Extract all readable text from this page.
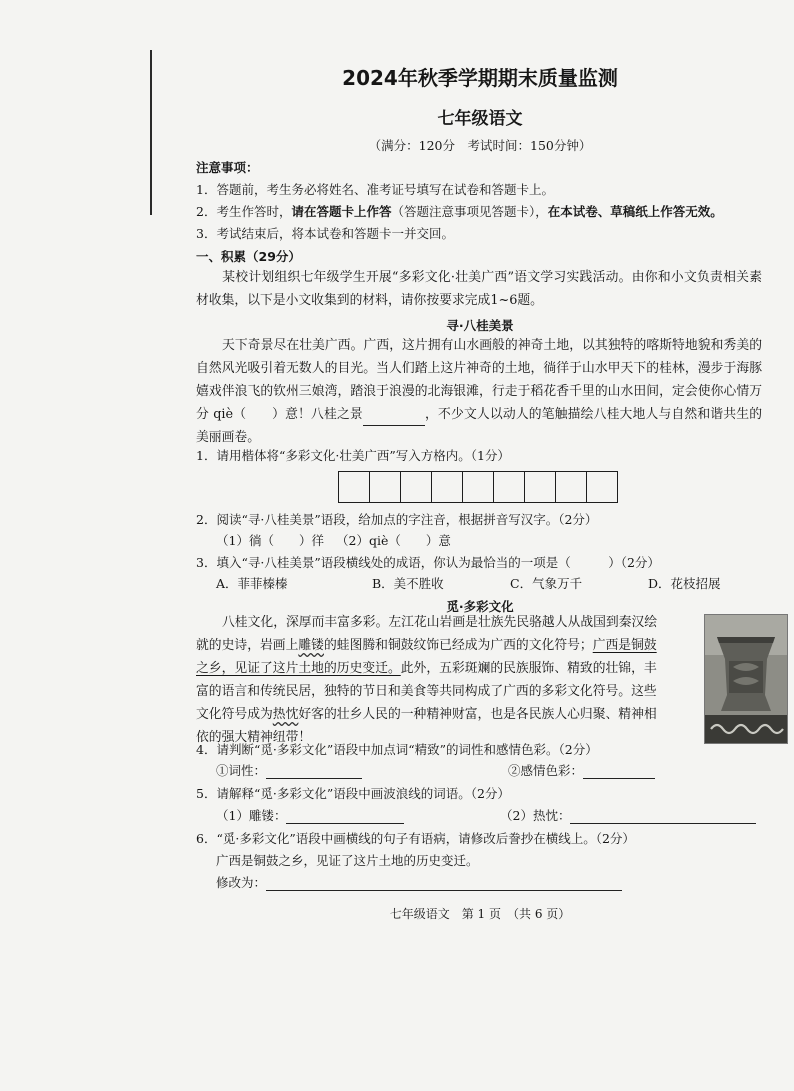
2024年秋季学期期末质量监测
七年级语文
（满分：120分　考试时间：150分钟）
注意事项：
1．答题前，考生务必将姓名、准考证号填写在试卷和答题卡上。
2．考生作答时，请在答题卡上作答（答题注意事项见答题卡），在本试卷、草稿纸上作答无效。
3．考试结束后，将本试卷和答题卡一并交回。
一、积累（29分）
某校计划组织七年级学生开展“多彩文化·壮美广西”语文学习实践活动。由你和小文负责相关素材收集，以下是小文收集到的材料，请你按要求完成1~6题。
寻·八桂美景
天下奇景尽在壮美广西。广西，这片拥有山水画般的神奇土地，以其独特的喀斯特地貌和秀美的自然风光吸引着无数人的目光。当人们踏上这片神奇的土地，徜徉于山水甲天下的桂林，漫步于海豚嬉戏伴浪飞的钦州三娘湾，踏浪于浪漫的北海银滩，行走于稻花香千里的山水田间，定会使你心情万分 qiè（　　）意！八桂之景	，不少文人以动人的笔触描绘八桂大地人与自然和谐共生的美丽画卷。
1．请用楷体将“多彩文化·壮美广西”写入方格内。（1分）
2．阅读“寻·八桂美景”语段，给加点的字注音，根据拼音写汉字。（2分）
（1）徜（　　）徉 （2）qiè（　　）意
3．填入“寻·八桂美景”语段横线处的成语，你认为最恰当的一项是（　　　）（2分）
A．菲菲榛榛	B．美不胜收	C．气象万千	D．花枝招展
觅·多彩文化
八桂文化，深厚而丰富多彩。左江花山岩画是壮族先民骆越人从战国到秦汉绘
就的史诗，岩画上雕镂的蛙图腾和铜鼓纹饰已经成为广西的文化符号；广西是铜鼓
之乡，见证了这片土地的历史变迁。此外，五彩斑斓的民族服饰、精致的壮锦，丰
富的语言和传统民居，独特的节日和美食等共同构成了广西的多彩文化符号。这些
文化符号成为热忱好客的壮乡人民的一种精神财富，也是各民族人心归聚、精神相
依的强大精神纽带！
4．请判断“觅·多彩文化”语段中加点词“精致”的词性和感情色彩。（2分）
①词性：	②感情色彩：
5．请解释“觅·多彩文化”语段中画波浪线的词语。（2分）
（1）雕镂：	（2）热忱：
6．“觅·多彩文化”语段中画横线的句子有语病，请修改后誊抄在横线上。（2分）
广西是铜鼓之乡，见证了这片土地的历史变迁。
修改为：
七年级语文　第 1 页　（共 6 页）
